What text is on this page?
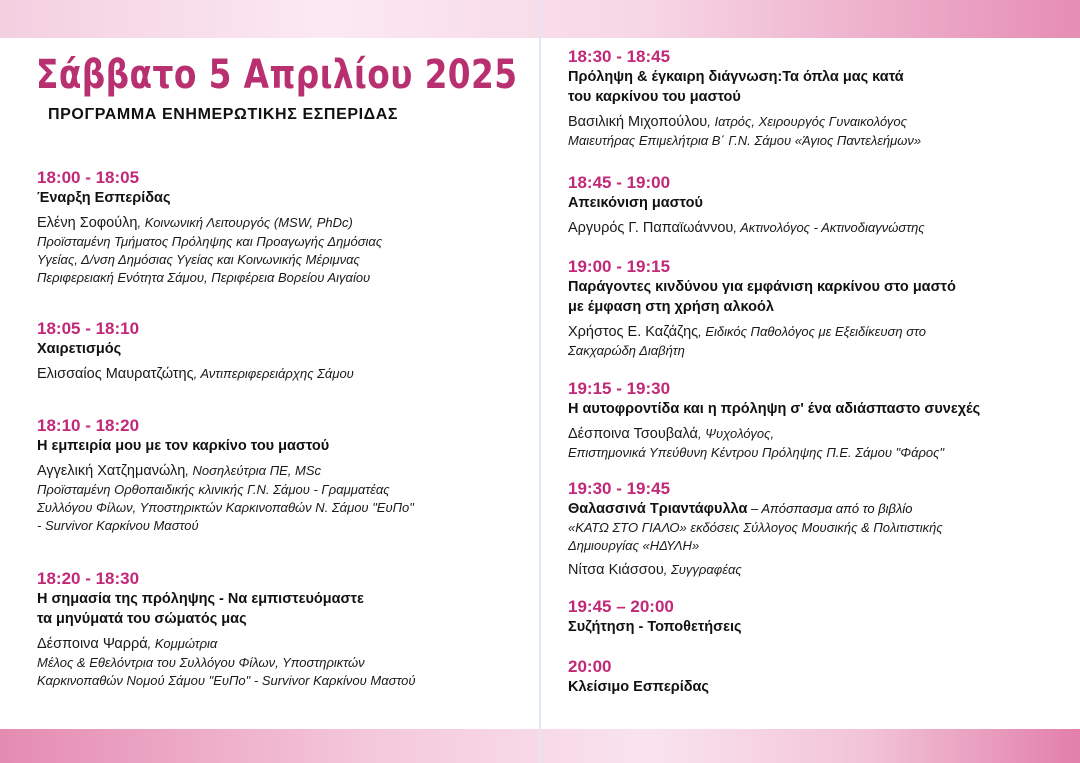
Σάββατο 5 Απριλίου 2025
ΠΡΟΓΡΑΜΜΑ ΕΝΗΜΕΡΩΤΙΚΗΣ ΕΣΠΕΡΙΔΑΣ
18:00 - 18:05
Έναρξη Εσπερίδας
Ελένη Σοφούλη, Κοινωνική Λειτουργός (MSW, PhDc)
Προϊσταμένη Τμήματος Πρόληψης και Προαγωγής Δημόσιας
Υγείας, Δ/νση Δημόσιας Υγείας και Κοινωνικής Μέριμνας
Περιφερειακή Ενότητα Σάμου, Περιφέρεια Βορείου Αιγαίου
18:05 - 18:10
Χαιρετισμός
Ελισσαίος Μαυρατζώτης, Αντιπεριφερειάρχης Σάμου
18:10 - 18:20
Η εμπειρία μου με τον καρκίνο του μαστού
Αγγελική Χατζημανώλη, Νοσηλεύτρια ΠΕ, MSc
Προϊσταμένη Ορθοπαιδικής κλινικής Γ.Ν. Σάμου - Γραμματέας
Συλλόγου Φίλων, Υποστηρικτών Καρκινοπαθών Ν. Σάμου "ΕυΠο"
- Survivor Καρκίνου Μαστού
18:20 - 18:30
Η σημασία της πρόληψης - Να εμπιστευόμαστε
τα μηνύματά του σώματός μας
Δέσποινα Ψαρρά, Κομμώτρια
Μέλος & Εθελόντρια του Συλλόγου Φίλων, Υποστηρικτών
Καρκινοπαθών Νομού Σάμου "ΕυΠο" - Survivor Καρκίνου Μαστού
18:30 - 18:45
Πρόληψη & έγκαιρη διάγνωση:Τα όπλα μας κατά
του καρκίνου του μαστού
Βασιλική Μιχοπούλου, Ιατρός, Χειρουργός Γυναικολόγος
Μαιευτήρας Επιμελήτρια Β΄ Γ.Ν. Σάμου «Άγιος Παντελεήμων»
18:45 - 19:00
Απεικόνιση μαστού
Αργυρός Γ. Παπαϊωάννου, Ακτινολόγος - Ακτινοδιαγνώστης
19:00 - 19:15
Παράγοντες κινδύνου για εμφάνιση καρκίνου στο μαστό
με έμφαση στη χρήση αλκοόλ
Χρήστος Ε. Καζάζης, Ειδικός Παθολόγος με Εξειδίκευση στο
Σακχαρώδη Διαβήτη
19:15 - 19:30
Η αυτοφροντίδα και η πρόληψη σ' ένα αδιάσπαστο συνεχές
Δέσποινα Τσουβαλά, Ψυχολόγος,
Επιστημονικά Υπεύθυνη Κέντρου Πρόληψης Π.Ε. Σάμου "Φάρος"
19:30 - 19:45
Θαλασσινά Τριαντάφυλλα – Απόσπασμα από το βιβλίο
«ΚΑΤΩ ΣΤΟ ΓΙΑΛΟ» εκδόσεις Σύλλογος Μουσικής & Πολιτιστικής
Δημιουργίας «ΗΔΥΛΗ»
Νίτσα Κιάσσου, Συγγραφέας
19:45 – 20:00
Συζήτηση - Τοποθετήσεις
20:00
Κλείσιμο Εσπερίδας
